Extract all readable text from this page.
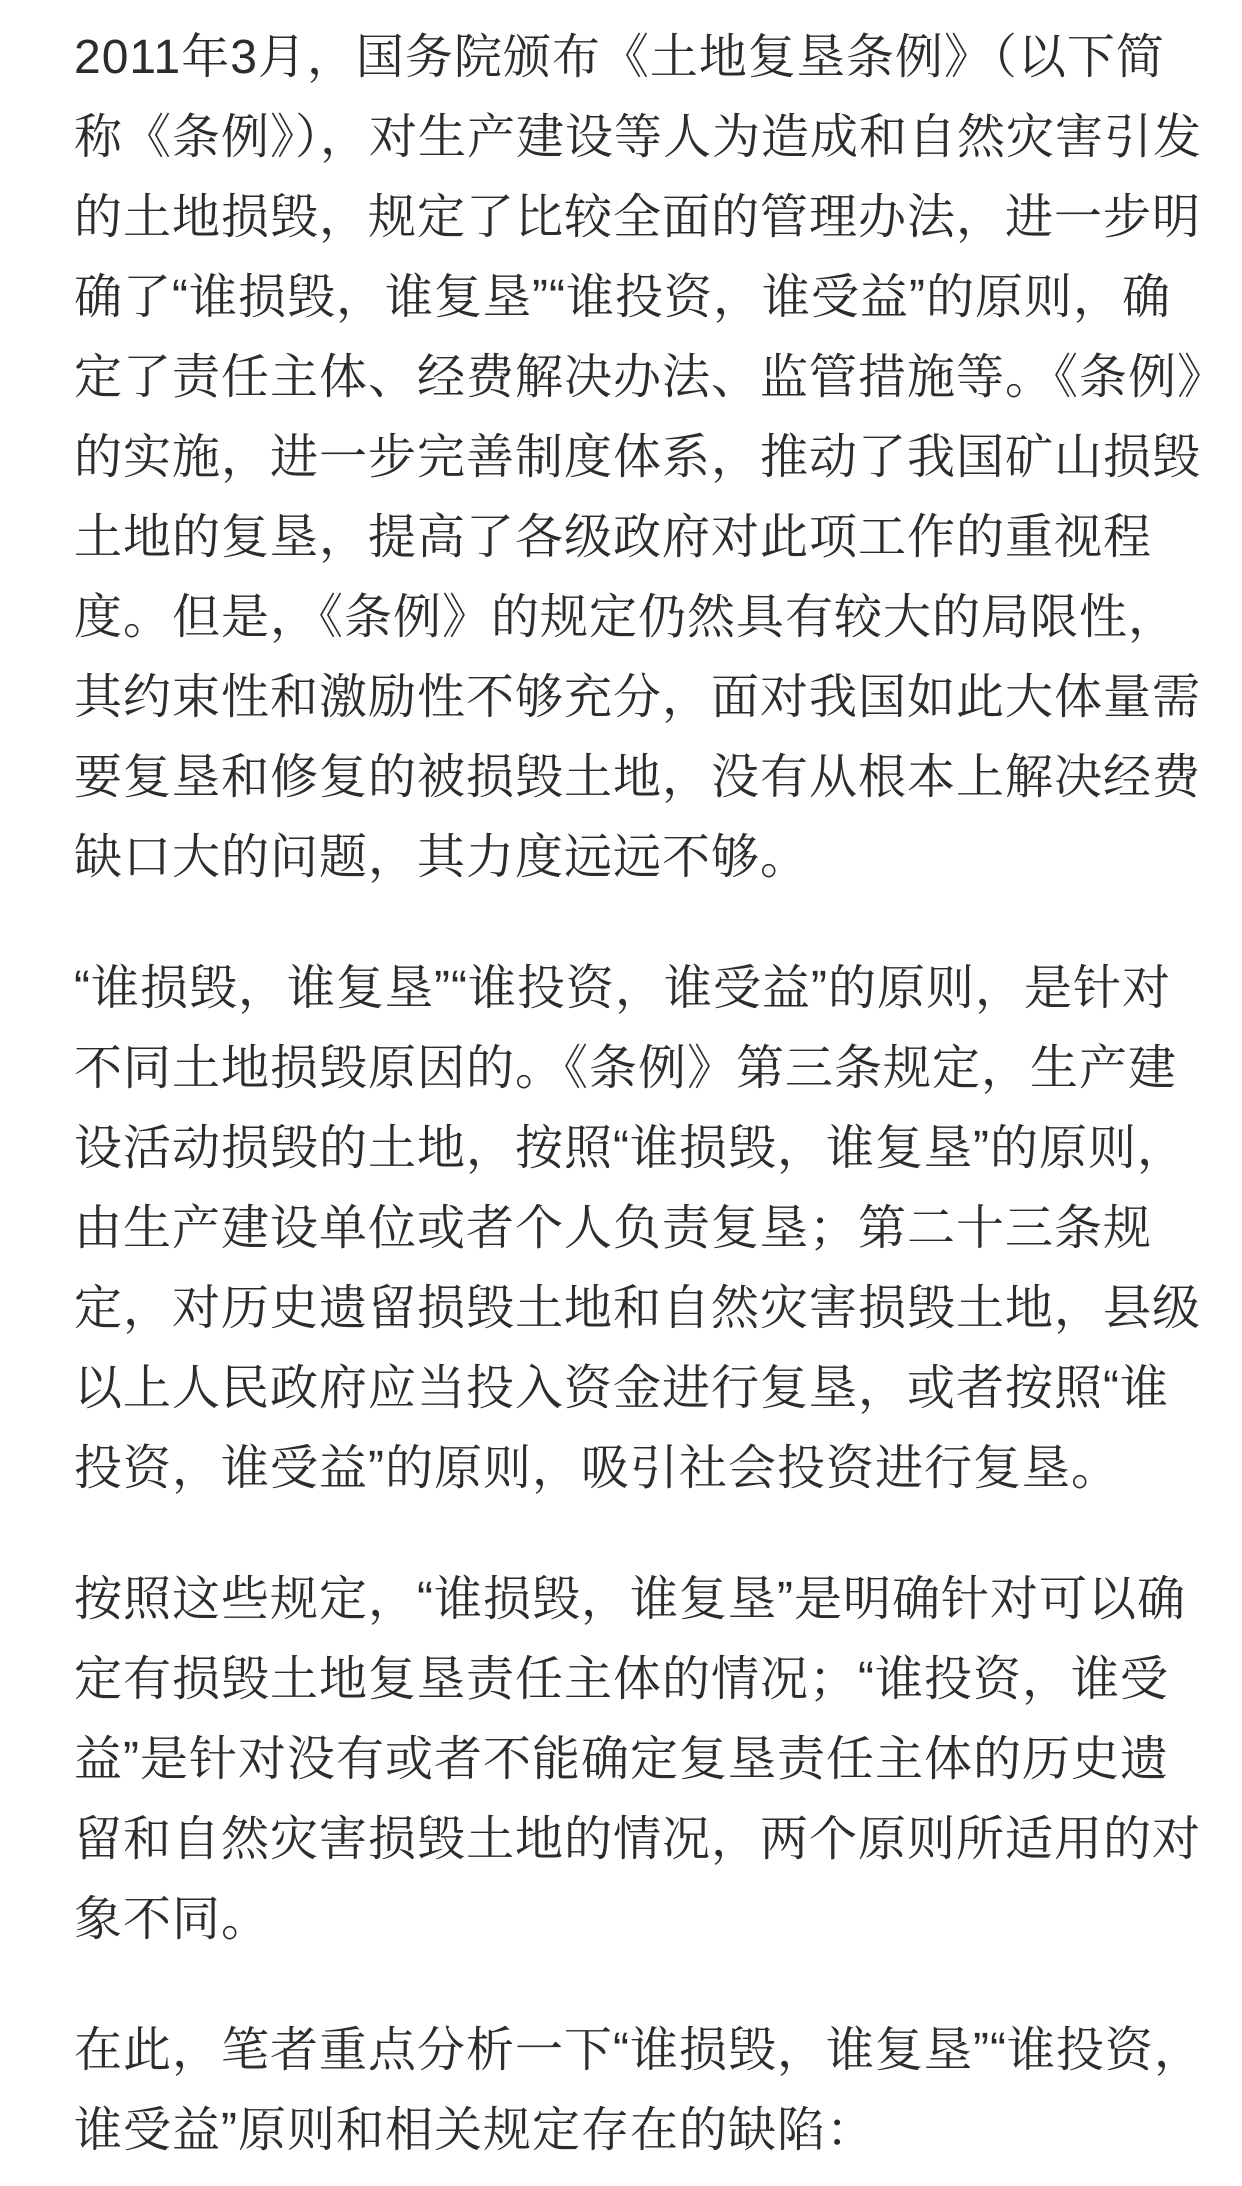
2011年3月，国务院颁布《土地复垦条例》（以下简称《条例》），对生产建设等人为造成和自然灾害引发的土地损毁，规定了比较全面的管理办法，进一步明确了“谁损毁，谁复垦”“谁投资，谁受益”的原则，确定了责任主体、经费解决办法、监管措施等。《条例》的实施，进一步完善制度体系，推动了我国矿山损毁土地的复垦，提高了各级政府对此项工作的重视程度。但是，《条例》的规定仍然具有较大的局限性，其约束性和激励性不够充分，面对我国如此大体量需要复垦和修复的被损毁土地，没有从根本上解决经费缺口大的问题，其力度远远不够。

“谁损毁，谁复垦”“谁投资，谁受益”的原则，是针对不同土地损毁原因的。《条例》第三条规定，生产建设活动损毁的土地，按照“谁损毁，谁复垦”的原则，由生产建设单位或者个人负责复垦；第二十三条规定，对历史遗留损毁土地和自然灾害损毁土地，县级以上人民政府应当投入资金进行复垦，或者按照“谁投资，谁受益”的原则，吸引社会投资进行复垦。

按照这些规定，“谁损毁，谁复垦”是明确针对可以确定有损毁土地复垦责任主体的情况；“谁投资，谁受益”是针对没有或者不能确定复垦责任主体的历史遗留和自然灾害损毁土地的情况，两个原则所适用的对象不同。

在此，笔者重点分析一下“谁损毁，谁复垦”“谁投资，谁受益”原则和相关规定存在的缺陷：
